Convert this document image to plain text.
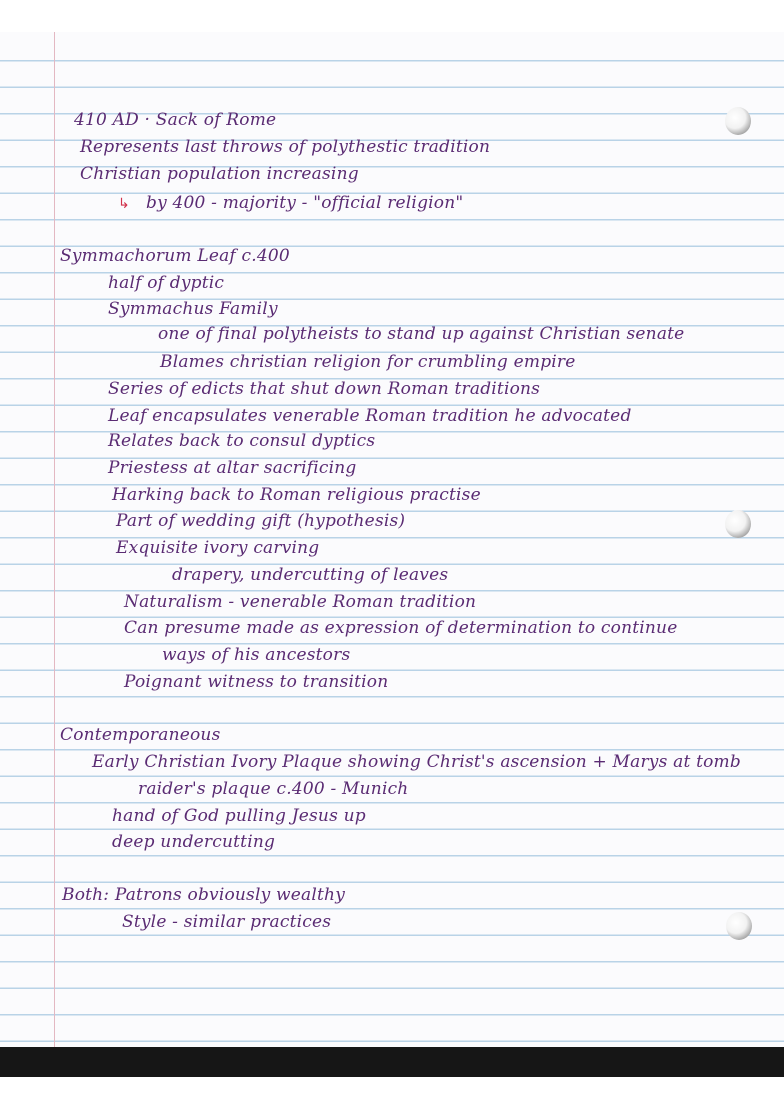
410 AD · Sack of Rome
Represents last throws of polythestic tradition
Christian population increasing
by 400 - majority - "official religion"
Symmachorum Leaf c.400
half of dyptic
Symmachus Family
one of final polytheists to stand up against Christian senate
Blames christian religion for crumbling empire
Series of edicts that shut down Roman traditions
Leaf encapsulates venerable Roman tradition he advocated
Relates back to consul dyptics
Priestess at altar sacrificing
Harking back to Roman religious practise
Part of wedding gift (hypothesis)
Exquisite ivory carving
drapery, undercutting of leaves
Naturalism - venerable Roman tradition
Can presume made as expression of determination to continue
ways of his ancestors
Poignant witness to transition
Contemporaneous
Early Christian Ivory Plaque showing Christ's ascension + Marys at tomb
raider's plaque c.400 - Munich
hand of God pulling Jesus up
deep undercutting
Both: Patrons obviously wealthy
Style - similar practices
↳
